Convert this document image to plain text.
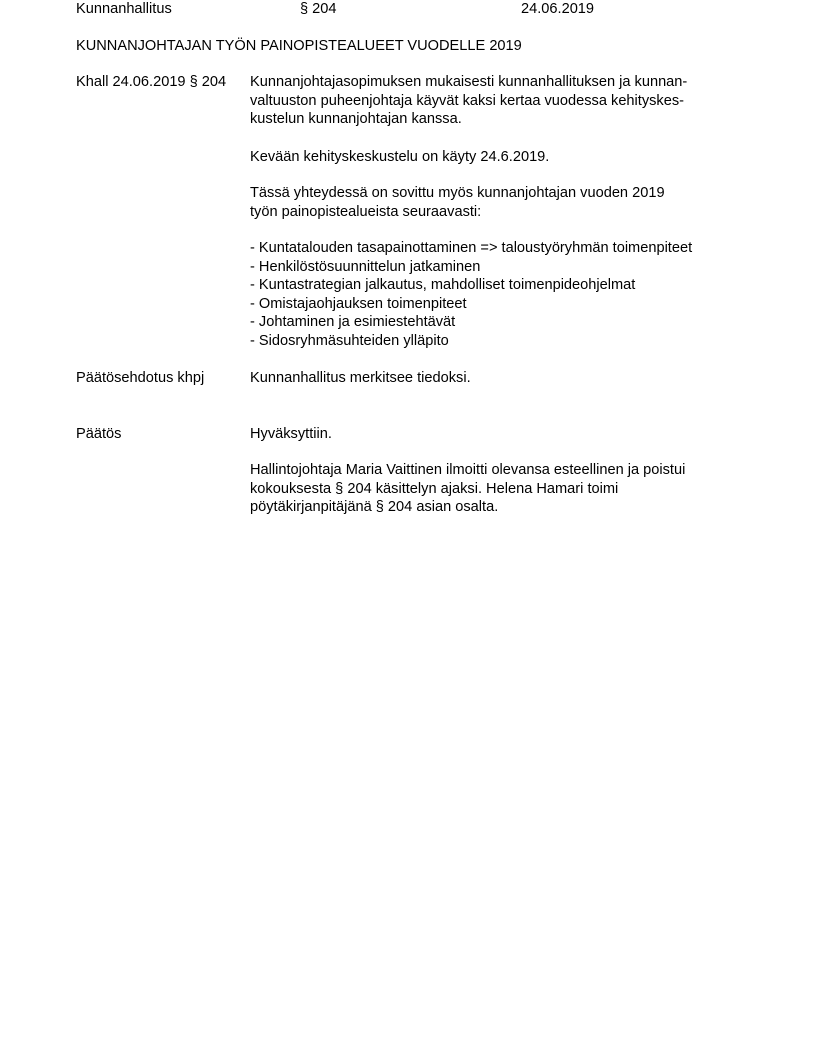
Kunnanhallitus	§ 204	24.06.2019
KUNNANJOHTAJAN TYÖN PAINOPISTEALUEET VUODELLE 2019
Khall 24.06.2019 § 204 Kunnanjohtajasopimuksen mukaisesti kunnanhallituksen ja kunnan-
valtuuston puheenjohtaja käyvät kaksi kertaa vuodessa kehityskes-
kustelun kunnanjohtajan kanssa.
Kevään kehityskeskustelu on käyty 24.6.2019.
Tässä yhteydessä on sovittu myös kunnanjohtajan vuoden 2019
työn painopistealueista seuraavasti:
- Kuntatalouden tasapainottaminen => taloustyöryhmän toimenpiteet
- Henkilöstösuunnittelun jatkaminen
- Kuntastrategian jalkautus, mahdolliset toimenpideohjelmat
- Omistajaohjauksen toimenpiteet
- Johtaminen ja esimiestehtävät
- Sidosryhmäsuhteiden ylläpito
Päätösehdotus khpj	Kunnanhallitus merkitsee tiedoksi.
Päätös	Hyväksyttiin.
Hallintojohtaja Maria Vaittinen ilmoitti olevansa esteellinen ja poistui
kokouksesta § 204 käsittelyn ajaksi. Helena Hamari toimi
pöytäkirjanpitäjänä § 204 asian osalta.
